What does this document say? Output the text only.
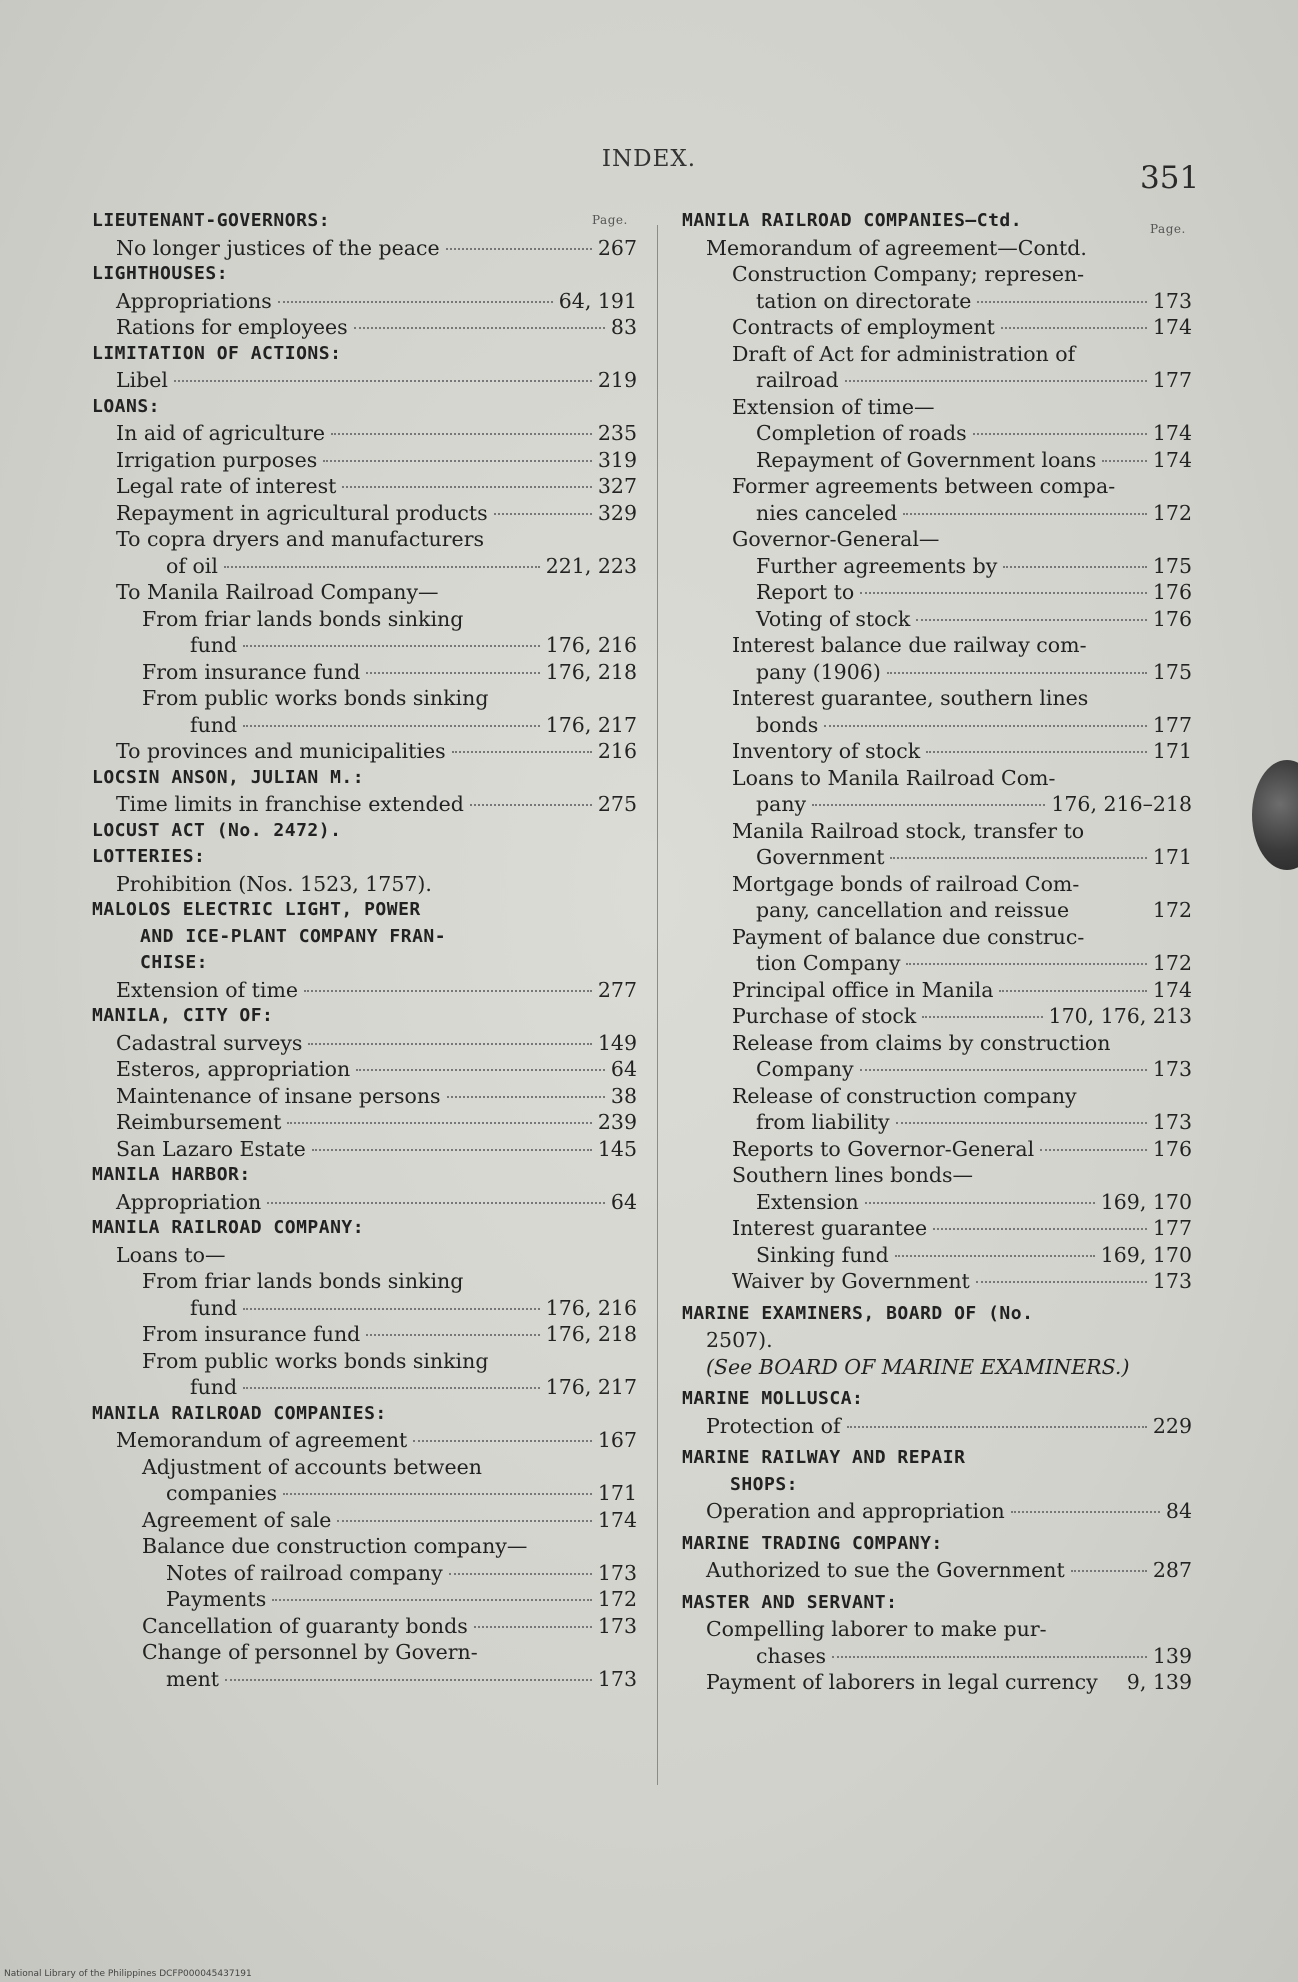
INDEX.
351
Page.
Page.
LIEUTENANT-GOVERNORS:
No longer justices of the peace	267
LIGHTHOUSES:
Appropriations	64, 191
Rations for employees	83
LIMITATION OF ACTIONS:
Libel	219
LOANS:
In aid of agriculture	235
Irrigation purposes	319
Legal rate of interest	327
Repayment in agricultural products	329
To copra dryers and manufacturers
of oil	221, 223
To Manila Railroad Company—
From friar lands bonds sinking
fund	176, 216
From insurance fund	176, 218
From public works bonds sinking
fund	176, 217
To provinces and municipalities	216
LOCSIN ANSON, JULIAN M.:
Time limits in franchise extended	275
LOCUST ACT (No. 2472).
LOTTERIES:
Prohibition (Nos. 1523, 1757).
MALOLOS ELECTRIC LIGHT, POWER
AND ICE-PLANT COMPANY FRAN-
CHISE:
Extension of time	277
MANILA, CITY OF:
Cadastral surveys	149
Esteros, appropriation	64
Maintenance of insane persons	38
Reimbursement	239
San Lazaro Estate	145
MANILA HARBOR:
Appropriation	64
MANILA RAILROAD COMPANY:
Loans to—
From friar lands bonds sinking
fund	176, 216
From insurance fund	176, 218
From public works bonds sinking
fund	176, 217
MANILA RAILROAD COMPANIES:
Memorandum of agreement	167
Adjustment of accounts between
companies	171
Agreement of sale	174
Balance due construction company—
Notes of railroad company	173
Payments	172
Cancellation of guaranty bonds	173
Change of personnel by Govern-
ment	173
MANILA RAILROAD COMPANIES—Ctd.
Memorandum of agreement—Contd.
Construction Company; represen-
tation on directorate	173
Contracts of employment	174
Draft of Act for administration of
railroad	177
Extension of time—
Completion of roads	174
Repayment of Government loans	174
Former agreements between compa-
nies canceled	172
Governor-General—
Further agreements by	175
Report to	176
Voting of stock	176
Interest balance due railway com-
pany (1906)	175
Interest guarantee, southern lines
bonds	177
Inventory of stock	171
Loans to Manila Railroad Com-
pany	176, 216–218
Manila Railroad stock, transfer to
Government	171
Mortgage bonds of railroad Com-
pany, cancellation and reissue	172
Payment of balance due construc-
tion Company	172
Principal office in Manila	174
Purchase of stock	170, 176, 213
Release from claims by construction
Company	173
Release of construction company
from liability	173
Reports to Governor-General	176
Southern lines bonds—
Extension	169, 170
Interest guarantee	177
Sinking fund	169, 170
Waiver by Government	173
MARINE EXAMINERS, BOARD OF (No.
2507).
(See BOARD OF MARINE EXAMINERS.)
MARINE MOLLUSCA:
Protection of	229
MARINE RAILWAY AND REPAIR
SHOPS:
Operation and appropriation	84
MARINE TRADING COMPANY:
Authorized to sue the Government	287
MASTER AND SERVANT:
Compelling laborer to make pur-
chases	139
Payment of laborers in legal currency 9, 139
National Library of the Philippines DCFP000045437191
